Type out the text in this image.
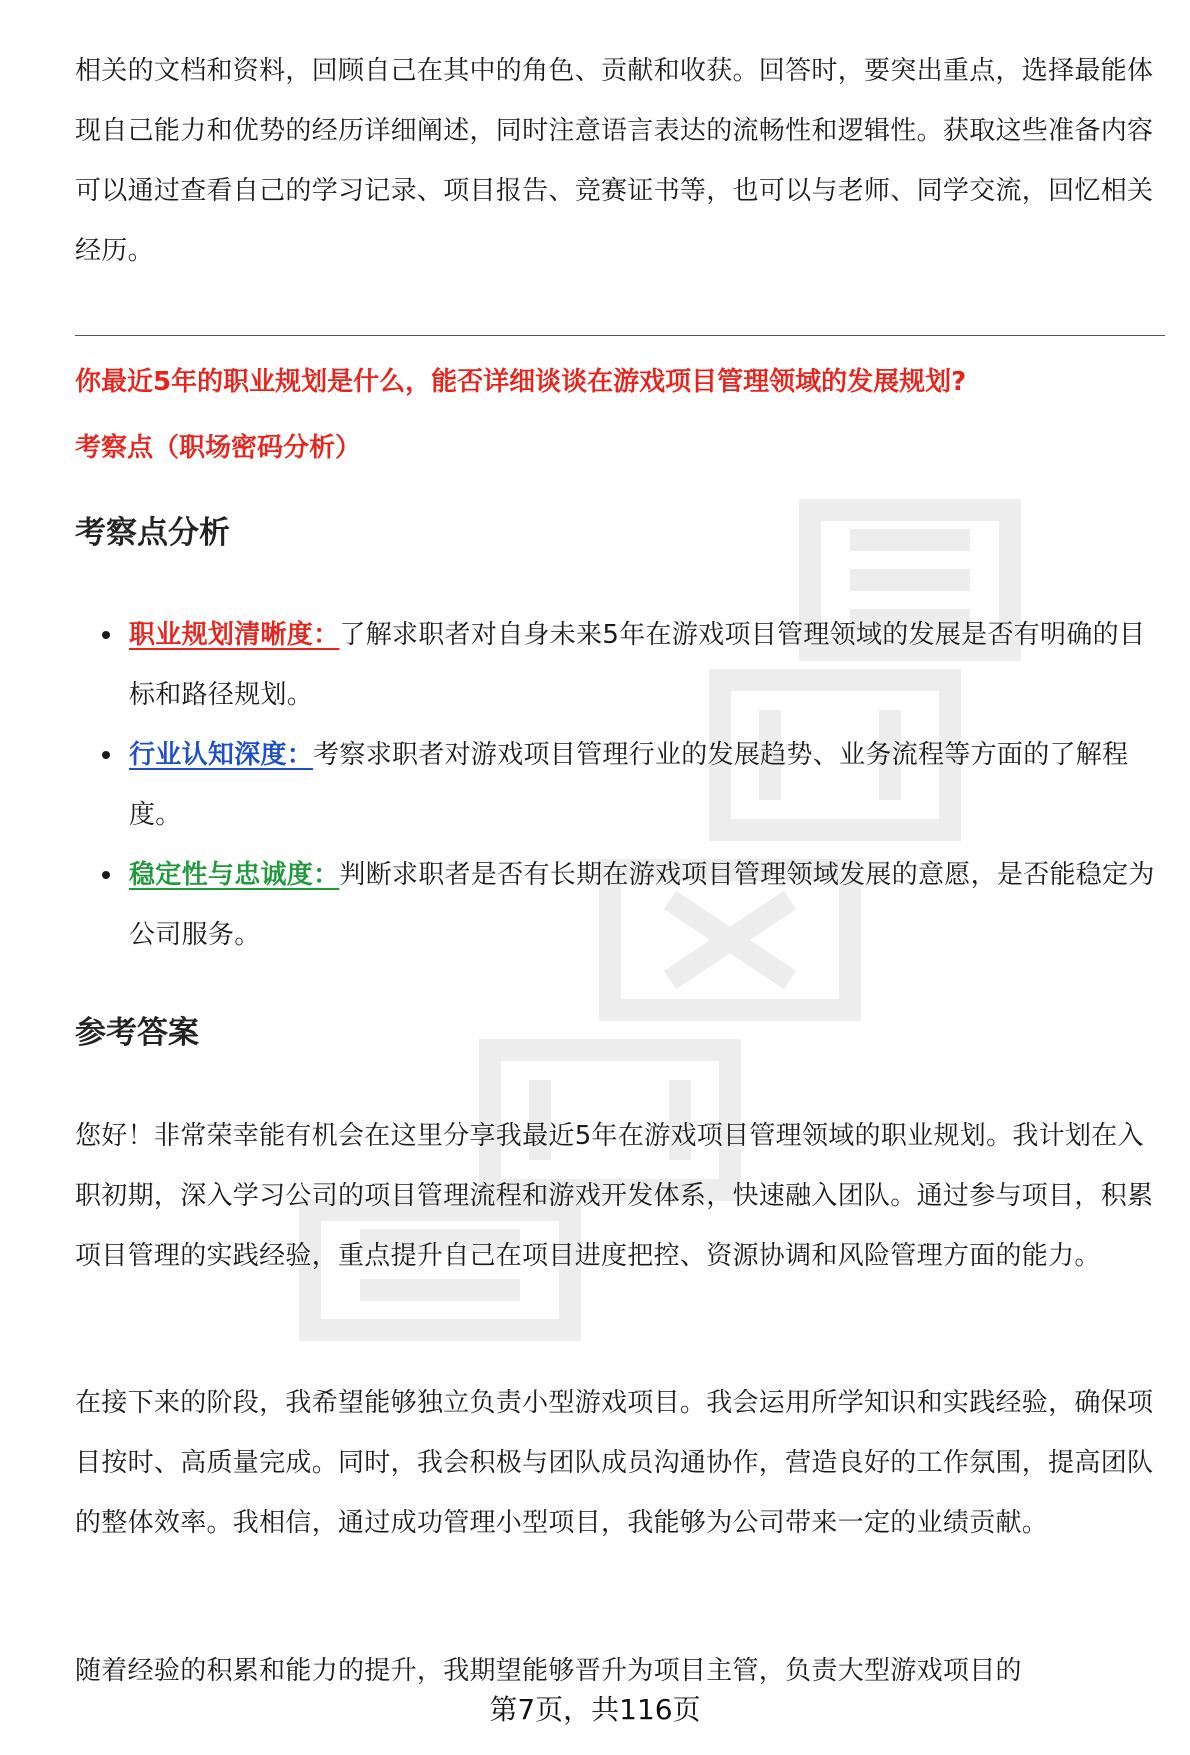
相关的文档和资料，回顾自己在其中的角色、贡献和收获。回答时，要突出重点，选择最能体现自己能力和优势的经历详细阐述，同时注意语言表达的流畅性和逻辑性。获取这些准备内容可以通过查看自己的学习记录、项目报告、竞赛证书等，也可以与老师、同学交流，回忆相关经历。

你最近5年的职业规划是什么，能否详细谈谈在游戏项目管理领域的发展规划?

考察点（职场密码分析）

考察点分析
职业规划清晰度：了解求职者对自身未来5年在游戏项目管理领域的发展是否有明确的目标和路径规划。
行业认知深度：考察求职者对游戏项目管理行业的发展趋势、业务流程等方面的了解程度。
稳定性与忠诚度：判断求职者是否有长期在游戏项目管理领域发展的意愿，是否能稳定为公司服务。
参考答案

您好！非常荣幸能有机会在这里分享我最近5年在游戏项目管理领域的职业规划。我计划在入职初期，深入学习公司的项目管理流程和游戏开发体系，快速融入团队。通过参与项目，积累项目管理的实践经验，重点提升自己在项目进度把控、资源协调和风险管理方面的能力。

在接下来的阶段，我希望能够独立负责小型游戏项目。我会运用所学知识和实践经验，确保项目按时、高质量完成。同时，我会积极与团队成员沟通协作，营造良好的工作氛围，提高团队的整体效率。我相信，通过成功管理小型项目，我能够为公司带来一定的业绩贡献。

随着经验的积累和能力的提升，我期望能够晋升为项目主管，负责大型游戏项目的

第7页，共116页
